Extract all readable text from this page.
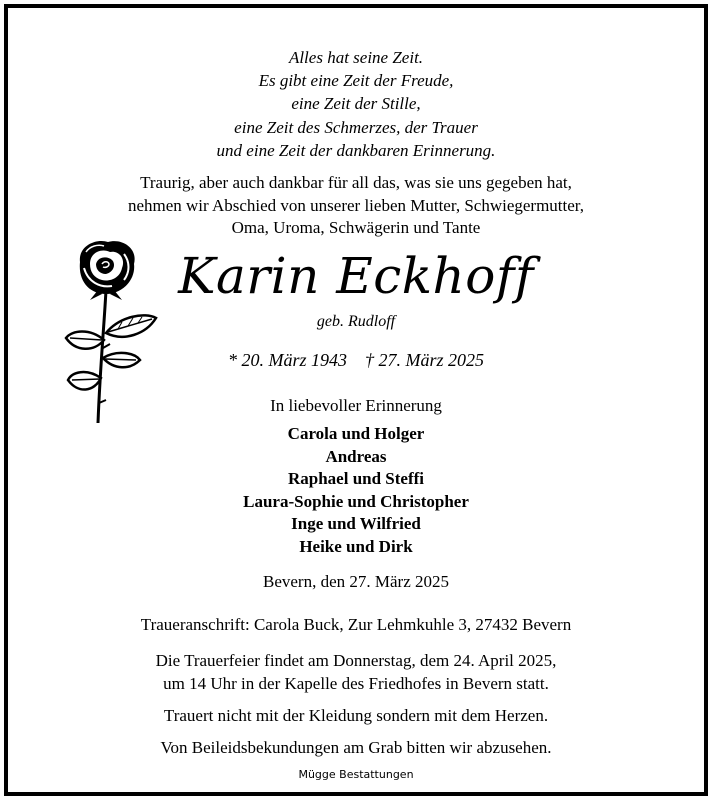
Alles hat seine Zeit.
Es gibt eine Zeit der Freude,
eine Zeit der Stille,
eine Zeit des Schmerzes, der Trauer
und eine Zeit der dankbaren Erinnerung.
Traurig, aber auch dankbar für all das, was sie uns gegeben hat,
nehmen wir Abschied von unserer lieben Mutter, Schwiegermutter,
Oma, Uroma, Schwägerin und Tante
Karin Eckhoff
geb. Rudloff
* 20. März 1943 † 27. März 2025
In liebevoller Erinnerung
Carola und Holger
Andreas
Raphael und Steffi
Laura-Sophie und Christopher
Inge und Wilfried
Heike und Dirk
Bevern, den 27. März 2025
Traueranschrift: Carola Buck, Zur Lehmkuhle 3, 27432 Bevern
Die Trauerfeier findet am Donnerstag, dem 24. April 2025,
um 14 Uhr in der Kapelle des Friedhofes in Bevern statt.
Trauert nicht mit der Kleidung sondern mit dem Herzen.
Von Beileidsbekundungen am Grab bitten wir abzusehen.
Mügge Bestattungen
